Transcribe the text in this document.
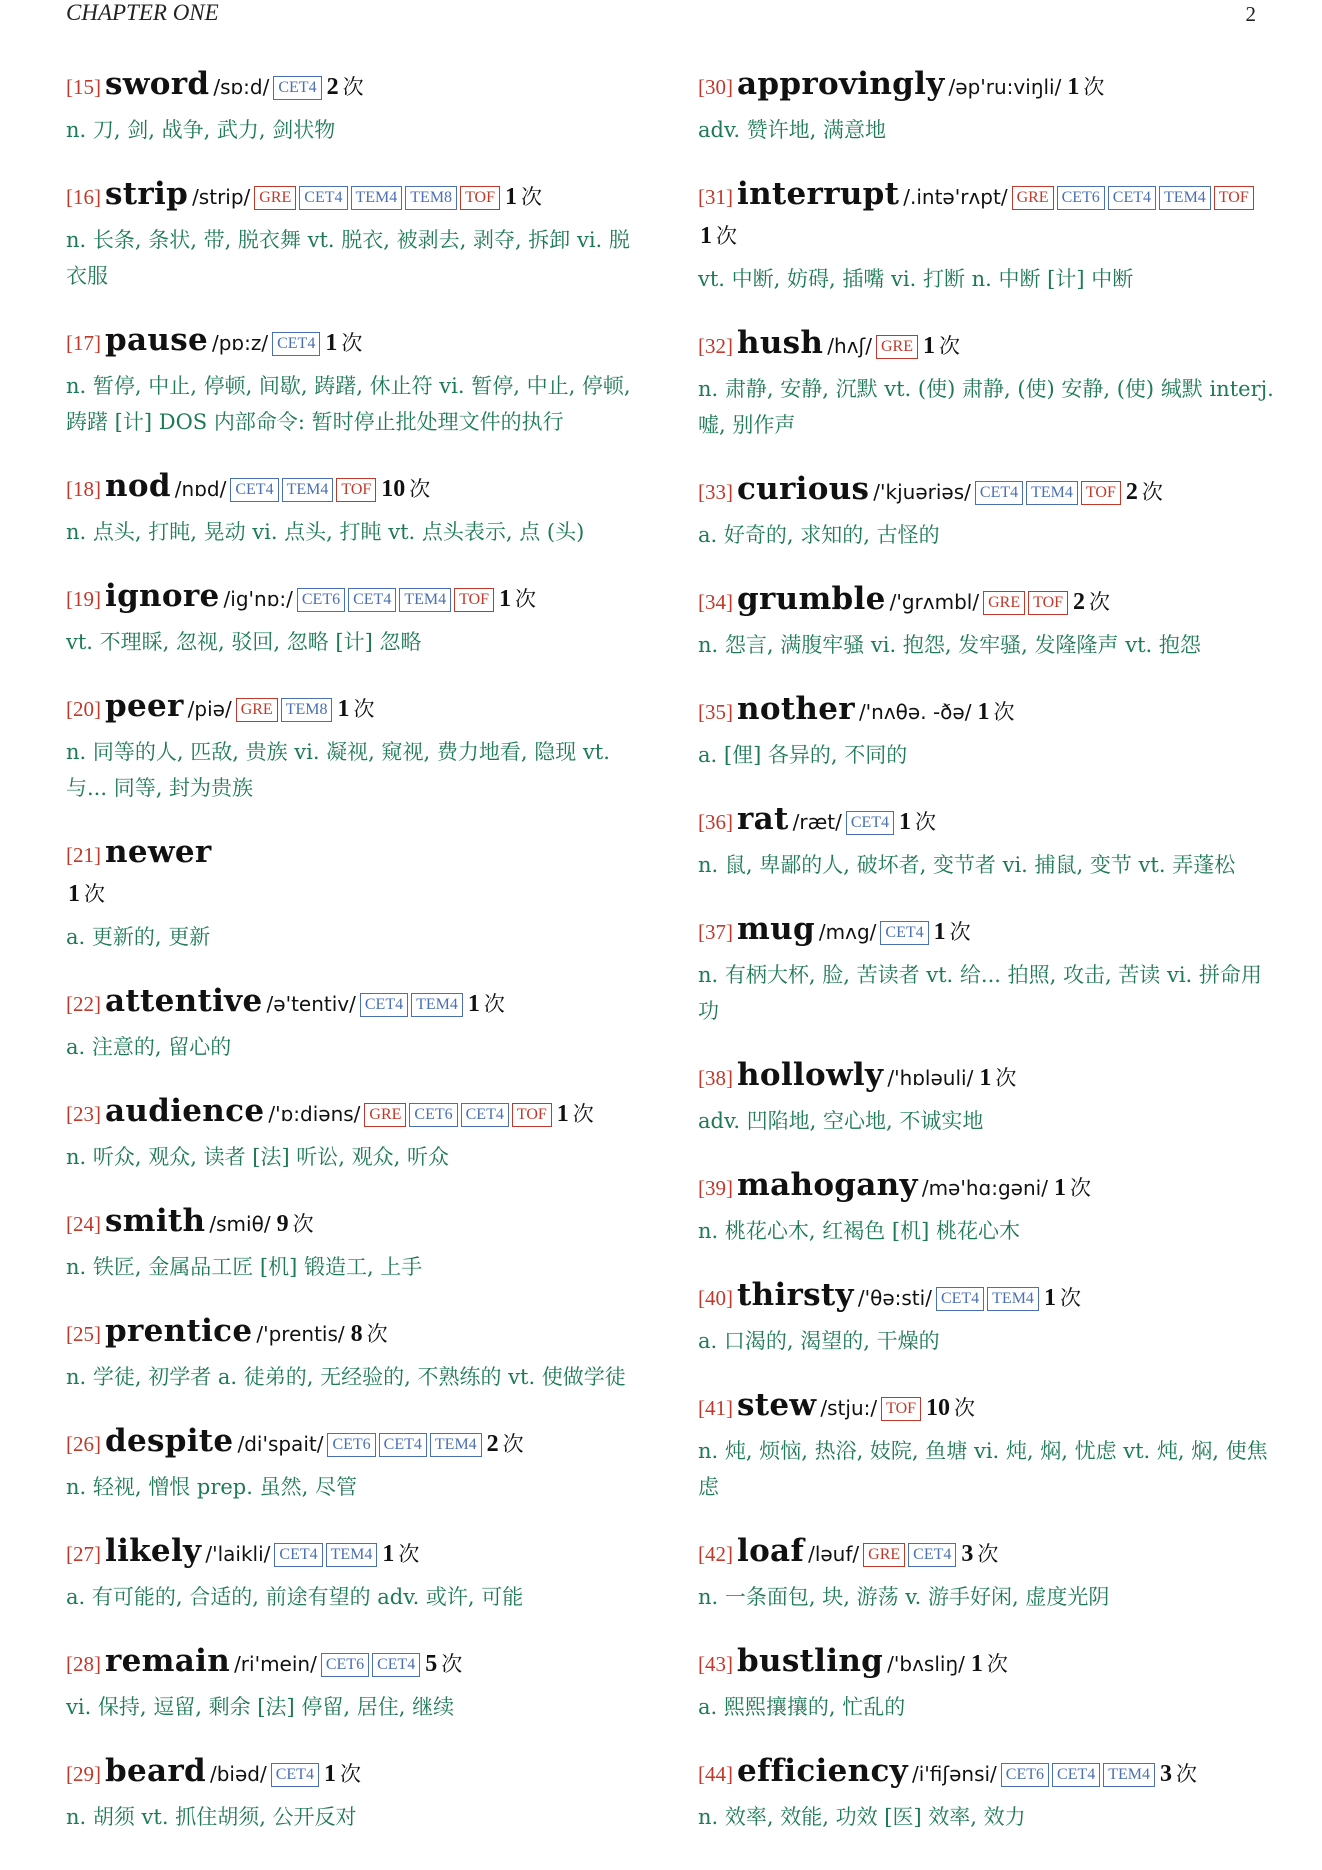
CHAPTER ONE	2
[15] sword /sɒ:d/ CET4 2 次
n. 刀, 剑, 战争, 武力, 剑状物
[16] strip /strip/ GRE CET4 TEM4 TEM8 TOF 1 次
n. 长条, 条状, 带, 脱衣舞 vt. 脱衣, 被剥去, 剥夺, 拆卸 vi. 脱衣服
[17] pause /pɒ:z/ CET4 1 次
n. 暂停, 中止, 停顿, 间歇, 踌躇, 休止符 vi. 暂停, 中止, 停顿, 踌躇 [计] DOS 内部命令: 暂时停止批处理文件的执行
[18] nod /nɒd/ CET4 TEM4 TOF 10 次
n. 点头, 打盹, 晃动 vi. 点头, 打盹 vt. 点头表示, 点 (头)
[19] ignore /ig'nɒ:/ CET6 CET4 TEM4 TOF 1 次
vt. 不理睬, 忽视, 驳回, 忽略 [计] 忽略
[20] peer /piə/ GRE TEM8 1 次
n. 同等的人, 匹敌, 贵族 vi. 凝视, 窥视, 费力地看, 隐现 vt. 与... 同等, 封为贵族
[21] newer
1 次
a. 更新的, 更新
[22] attentive /ə'tentiv/ CET4 TEM4 1 次
a. 注意的, 留心的
[23] audience /'ɒ:diəns/ GRE CET6 CET4 TOF 1 次
n. 听众, 观众, 读者 [法] 听讼, 观众, 听众
[24] smith /smiθ/ 9 次
n. 铁匠, 金属品工匠 [机] 锻造工, 上手
[25] prentice /'prentis/ 8 次
n. 学徒, 初学者 a. 徒弟的, 无经验的, 不熟练的 vt. 使做学徒
[26] despite /di'spait/ CET6 CET4 TEM4 2 次
n. 轻视, 憎恨 prep. 虽然, 尽管
[27] likely /'laikli/ CET4 TEM4 1 次
a. 有可能的, 合适的, 前途有望的 adv. 或许, 可能
[28] remain /ri'mein/ CET6 CET4 5 次
vi. 保持, 逗留, 剩余 [法] 停留, 居住, 继续
[29] beard /biəd/ CET4 1 次
n. 胡须 vt. 抓住胡须, 公开反对
[30] approvingly /əp'ru:viŋli/ 1 次
adv. 赞许地, 满意地
[31] interrupt /.intə'rʌpt/ GRE CET6 CET4 TEM4 TOF
1 次
vt. 中断, 妨碍, 插嘴 vi. 打断 n. 中断 [计] 中断
[32] hush /hʌʃ/ GRE 1 次
n. 肃静, 安静, 沉默 vt. (使) 肃静, (使) 安静, (使) 缄默 interj. 嘘, 别作声
[33] curious /'kjuəriəs/ CET4 TEM4 TOF 2 次
a. 好奇的, 求知的, 古怪的
[34] grumble /'grʌmbl/ GRE TOF 2 次
n. 怨言, 满腹牢骚 vi. 抱怨, 发牢骚, 发隆隆声 vt. 抱怨
[35] nother /'nʌθə. -ðə/ 1 次
a. [俚] 各异的, 不同的
[36] rat /ræt/ CET4 1 次
n. 鼠, 卑鄙的人, 破坏者, 变节者 vi. 捕鼠, 变节 vt. 弄蓬松
[37] mug /mʌg/ CET4 1 次
n. 有柄大杯, 脸, 苦读者 vt. 给... 拍照, 攻击, 苦读 vi. 拼命用功
[38] hollowly /'hɒləuli/ 1 次
adv. 凹陷地, 空心地, 不诚实地
[39] mahogany /mə'hɑ:gəni/ 1 次
n. 桃花心木, 红褐色 [机] 桃花心木
[40] thirsty /'θə:sti/ CET4 TEM4 1 次
a. 口渴的, 渴望的, 干燥的
[41] stew /stju:/ TOF 10 次
n. 炖, 烦恼, 热浴, 妓院, 鱼塘 vi. 炖, 焖, 忧虑 vt. 炖, 焖, 使焦虑
[42] loaf /ləuf/ GRE CET4 3 次
n. 一条面包, 块, 游荡 v. 游手好闲, 虚度光阴
[43] bustling /'bʌsliŋ/ 1 次
a. 熙熙攘攘的, 忙乱的
[44] efficiency /i'fiʃənsi/ CET6 CET4 TEM4 3 次
n. 效率, 效能, 功效 [医] 效率, 效力
